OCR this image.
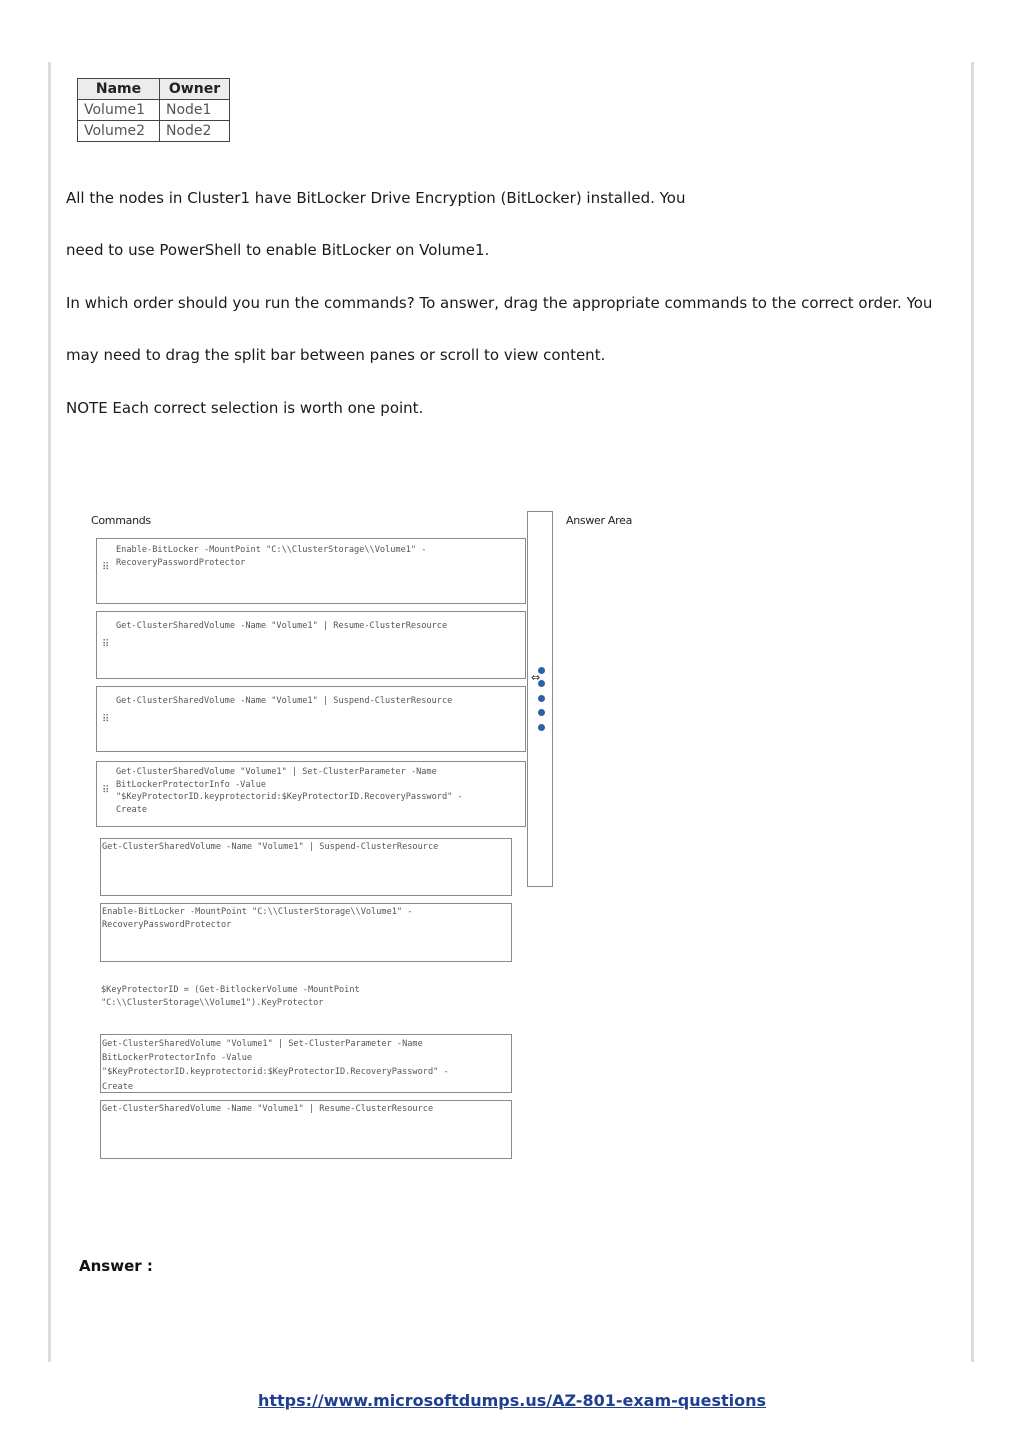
Name	Owner
Volume1	Node1
Volume2	Node2
All the nodes in Cluster1 have BitLocker Drive Encryption (BitLocker) installed. You
need to use PowerShell to enable BitLocker on Volume1.
In which order should you run the commands? To answer, drag the appropriate commands to the correct order. You
may need to drag the split bar between panes or scroll to view content.
NOTE Each correct selection is worth one point.
Commands	Answer Area
⠿
Enable-BitLocker -MountPoint "C:\\ClusterStorage\\Volume1" -
RecoveryPasswordProtector
⠿
Get-ClusterSharedVolume -Name "Volume1" | Resume-ClusterResource
⠿
Get-ClusterSharedVolume -Name "Volume1" | Suspend-ClusterResource
⠿
Get-ClusterSharedVolume "Volume1" | Set-ClusterParameter -Name
BitLockerProtectorInfo -Value
"$KeyProtectorID.keyprotectorid:$KeyProtectorID.RecoveryPassword" -
Create
⇔
Get-ClusterSharedVolume -Name "Volume1" | Suspend-ClusterResource
Enable-BitLocker -MountPoint "C:\\ClusterStorage\\Volume1" -
RecoveryPasswordProtector
$KeyProtectorID = (Get-BitlockerVolume -MountPoint
"C:\\ClusterStorage\\Volume1").KeyProtector
Get-ClusterSharedVolume "Volume1" | Set-ClusterParameter -Name
BitLockerProtectorInfo -Value
"$KeyProtectorID.keyprotectorid:$KeyProtectorID.RecoveryPassword" -
Create
Get-ClusterSharedVolume -Name "Volume1" | Resume-ClusterResource
Answer :
https://www.microsoftdumps.us/AZ-801-exam-questions
